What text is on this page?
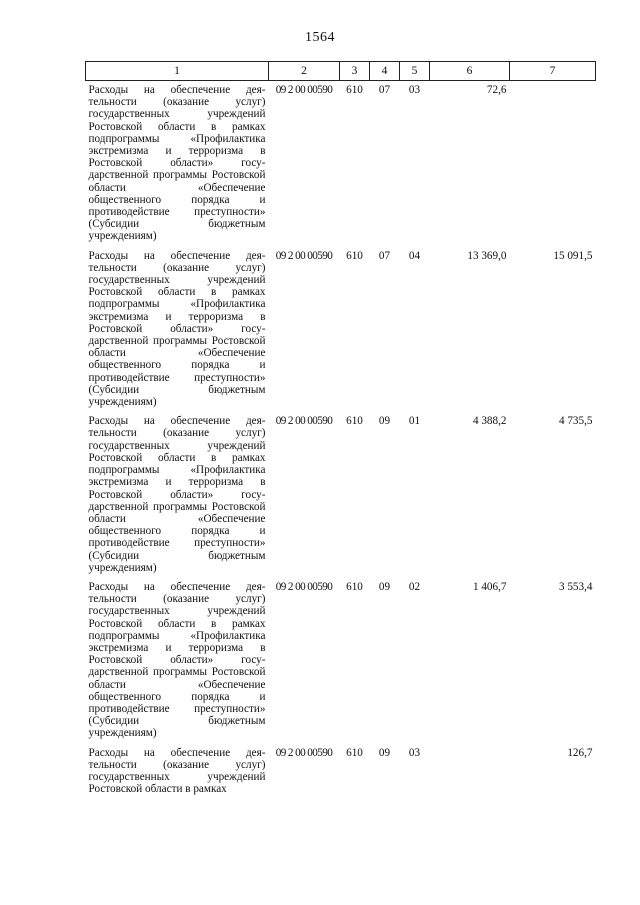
1564
1	2	3	4	5	6	7
Расходы на обеспечение деятельности (оказание услуг) государственных учреждений Ростовской области в рамках подпрограммы «Профилактика экстремизма и терроризма в Ростовской области» государственной программы Ростовской области «Обеспечение общественного порядка и противодействие преступности» (Субсидии бюджетным учреждениям)	09 2 00 00590	610	07	03	72,6	
Расходы на обеспечение деятельности (оказание услуг) государственных учреждений Ростовской области в рамках подпрограммы «Профилактика экстремизма и терроризма в Ростовской области» государственной программы Ростовской области «Обеспечение общественного порядка и противодействие преступности» (Субсидии бюджетным учреждениям)	09 2 00 00590	610	07	04	13 369,0	15 091,5
Расходы на обеспечение деятельности (оказание услуг) государственных учреждений Ростовской области в рамках подпрограммы «Профилактика экстремизма и терроризма в Ростовской области» государственной программы Ростовской области «Обеспечение общественного порядка и противодействие преступности» (Субсидии бюджетным учреждениям)	09 2 00 00590	610	09	01	4 388,2	4 735,5
Расходы на обеспечение деятельности (оказание услуг) государственных учреждений Ростовской области в рамках подпрограммы «Профилактика экстремизма и терроризма в Ростовской области» государственной программы Ростовской области «Обеспечение общественного порядка и противодействие преступности» (Субсидии бюджетным учреждениям)	09 2 00 00590	610	09	02	1 406,7	3 553,4
Расходы на обеспечение деятельности (оказание услуг) государственных учреждений Ростовской области в рамках	09 2 00 00590	610	09	03		126,7
